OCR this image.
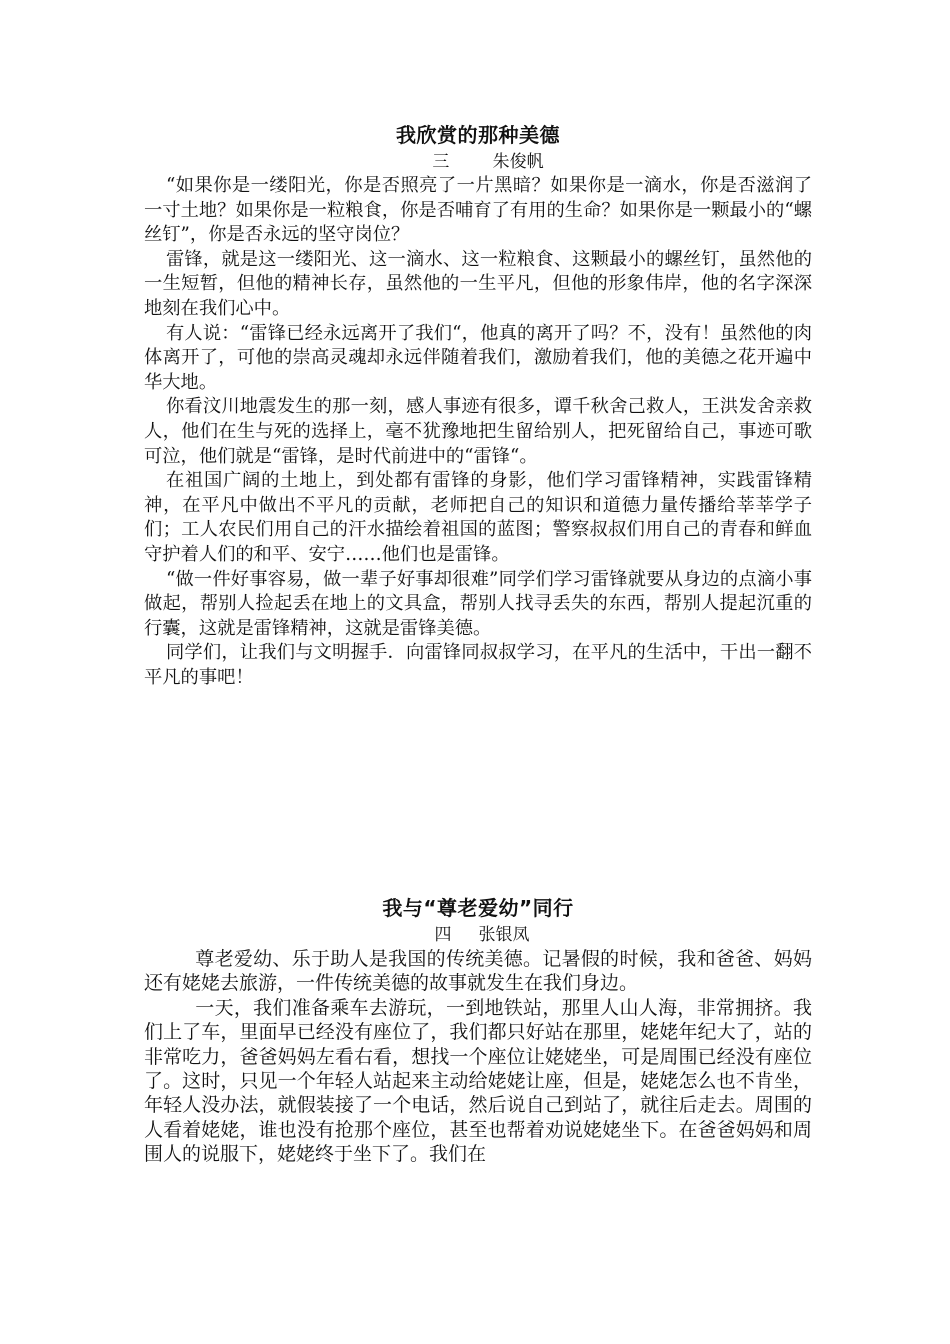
我欣赏的那种美德

三        朱俊帆

“如果你是一缕阳光，你是否照亮了一片黑暗？如果你是一滴水，你是否滋润了一寸土地？如果你是一粒粮食，你是否哺育了有用的生命？如果你是一颗最小的“螺丝钉”，你是否永远的坚守岗位？

雷锋，就是这一缕阳光、这一滴水、这一粒粮食、这颗最小的螺丝钉，虽然他的一生短暂，但他的精神长存，虽然他的一生平凡，但他的形象伟岸，他的名字深深地刻在我们心中。

有人说：“雷锋已经永远离开了我们“，他真的离开了吗？不，没有！虽然他的肉体离开了，可他的崇高灵魂却永远伴随着我们，激励着我们，他的美德之花开遍中华大地。

你看汶川地震发生的那一刻，感人事迹有很多，谭千秋舍己救人，王洪发舍亲救人，他们在生与死的选择上，毫不犹豫地把生留给别人，把死留给自己，事迹可歌可泣，他们就是“雷锋，是时代前进中的“雷锋“。

在祖国广阔的土地上，到处都有雷锋的身影，他们学习雷锋精神，实践雷锋精神，在平凡中做出不平凡的贡献，老师把自己的知识和道德力量传播给莘莘学子们；工人农民们用自己的汗水描绘着祖国的蓝图；警察叔叔们用自己的青春和鲜血守护着人们的和平、安宁……他们也是雷锋。

“做一件好事容易，做一辈子好事却很难”同学们学习雷锋就要从身边的点滴小事做起，帮别人捡起丢在地上的文具盒，帮别人找寻丢失的东西，帮别人提起沉重的行囊，这就是雷锋精神，这就是雷锋美德。

同学们，让我们与文明握手．向雷锋同叔叔学习，在平凡的生活中，干出一翻不平凡的事吧！

我与“尊老爱幼”同行

四     张银凤

尊老爱幼、乐于助人是我国的传统美德。记暑假的时候，我和爸爸、妈妈还有姥姥去旅游，一件传统美德的故事就发生在我们身边。

一天，我们准备乘车去游玩，一到地铁站，那里人山人海，非常拥挤。我们上了车，里面早已经没有座位了，我们都只好站在那里，姥姥年纪大了，站的非常吃力，爸爸妈妈左看右看，想找一个座位让姥姥坐，可是周围已经没有座位了。这时，只见一个年轻人站起来主动给姥姥让座，但是，姥姥怎么也不肯坐，年轻人没办法，就假装接了一个电话，然后说自己到站了，就往后走去。周围的人看着姥姥，谁也没有抢那个座位，甚至也帮着劝说姥姥坐下。在爸爸妈妈和周围人的说服下，姥姥终于坐下了。我们在
